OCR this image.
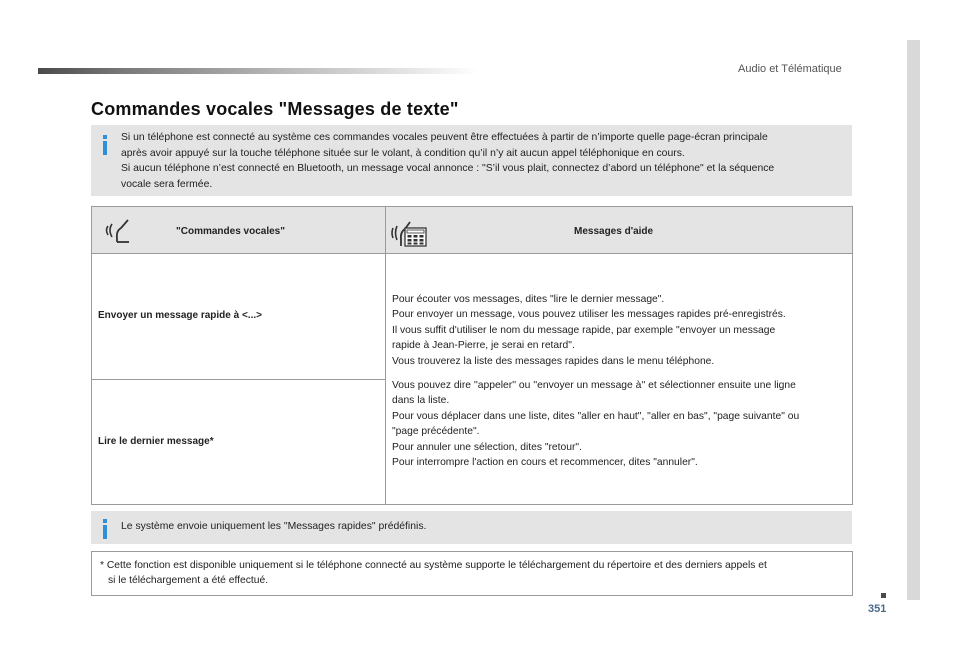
Audio et Télématique
Commandes vocales "Messages de texte"
Si un téléphone est connecté au système ces commandes vocales peuvent être effectuées à partir de n’importe quelle page-écran principale
après avoir appuyé sur la touche téléphone située sur le volant, à condition qu’il n’y ait aucun appel téléphonique en cours.
Si aucun téléphone n’est connecté en Bluetooth, un message vocal annonce : "S’il vous plait, connectez d’abord un téléphone" et la séquence
vocale sera fermée.
"Commandes vocales"	Messages d'aide
Envoyer un message rapide à <...>
Lire le dernier message*

Pour écouter vos messages, dites "lire le dernier message".
Pour envoyer un message, vous pouvez utiliser les messages rapides pré-enregistrés.
Il vous suffit d'utiliser le nom du message rapide, par exemple "envoyer un message
rapide à Jean-Pierre, je serai en retard".
Vous trouverez la liste des messages rapides dans le menu téléphone.

Vous pouvez dire ''appeler'' ou ''envoyer un message à'' et sélectionner ensuite une ligne
dans la liste.
Pour vous déplacer dans une liste, dites "aller en haut", "aller en bas", "page suivante" ou
"page précédente".
Pour annuler une sélection, dites "retour".
Pour interrompre l'action en cours et recommencer, dites "annuler".

Le système envoie uniquement les "Messages rapides" prédéfinis.
* Cette fonction est disponible uniquement si le téléphone connecté au système supporte le téléchargement du répertoire et des derniers appels et
si le téléchargement a été effectué.
351
